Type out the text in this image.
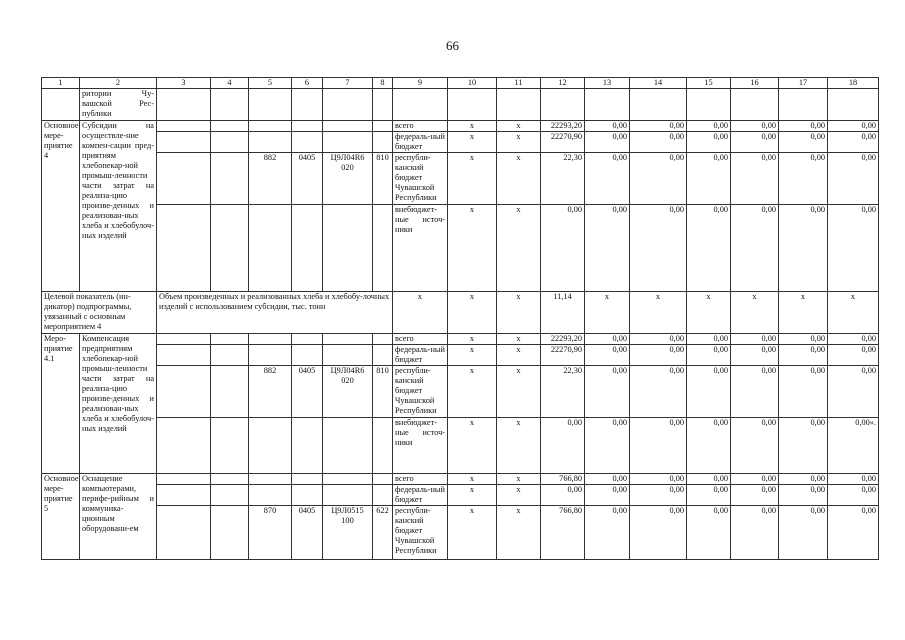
66
1	2	3	4	5	6	7	8	9	10	11	12	13	14	15	16	17	18
	ритории Чу-вашской Рес-публики																
Основное мере-приятие 4	Субсидии на осуществле-ние компен-сации пред-приятиям хлебопекар-ной промыш-ленности части затрат на реализа-цию произве-денных и реализован-ных хлеба и хлебобулоч-ных изделий							всего	x	x	22293,20	0,00	0,00	0,00	0,00	0,00	0,00
								федераль-ный бюджет	x	x	22270,90	0,00	0,00	0,00	0,00	0,00	0,00
				882	0405	Ц9Л04R6 020	810	республи-канский бюджет Чувашской Республики	x	x	22,30	0,00	0,00	0,00	0,00	0,00	0,00
								внебюджет-ные источ-ники	x	x	0,00	0,00	0,00	0,00	0,00	0,00	0,00
Целевой показатель (ин-дикатор) подпрограммы, увязанный с основным мероприятием 4		Объем произведенных и реализованных хлеба и хлебобу-лочных изделий с использованием субсидии, тыс. тонн						x	x	x	11,14	x	x	x	x	x	x
Меро-приятие 4.1	Компенсация предприятиям хлебопекар-ной промыш-ленности части затрат на реализа-цию произве-денных и реализован-ных хлеба и хлебобулоч-ных изделий							всего	x	x	22293,20	0,00	0,00	0,00	0,00	0,00	0,00
								федераль-ный бюджет	x	x	22270,90	0,00	0,00	0,00	0,00	0,00	0,00
				882	0405	Ц9Л04R6 020	810	республи-канский бюджет Чувашской Республики	x	x	22,30	0,00	0,00	0,00	0,00	0,00	0,00
								внебюджет-ные источ-ники	x	x	0,00	0,00	0,00	0,00	0,00	0,00	0,00».
Основное мере-приятие 5	Оснащение компьютерами, перифе-рийным и коммуника-ционным оборудовани-ем							всего	x	x	766,80	0,00	0,00	0,00	0,00	0,00	0,00
								федераль-ный бюджет	x	x	0,00	0,00	0,00	0,00	0,00	0,00	0,00
				870	0405	Ц9Л0515 100	622	республи-канский бюджет Чувашской Республики	x	x	766,80	0,00	0,00	0,00	0,00	0,00	0,00
